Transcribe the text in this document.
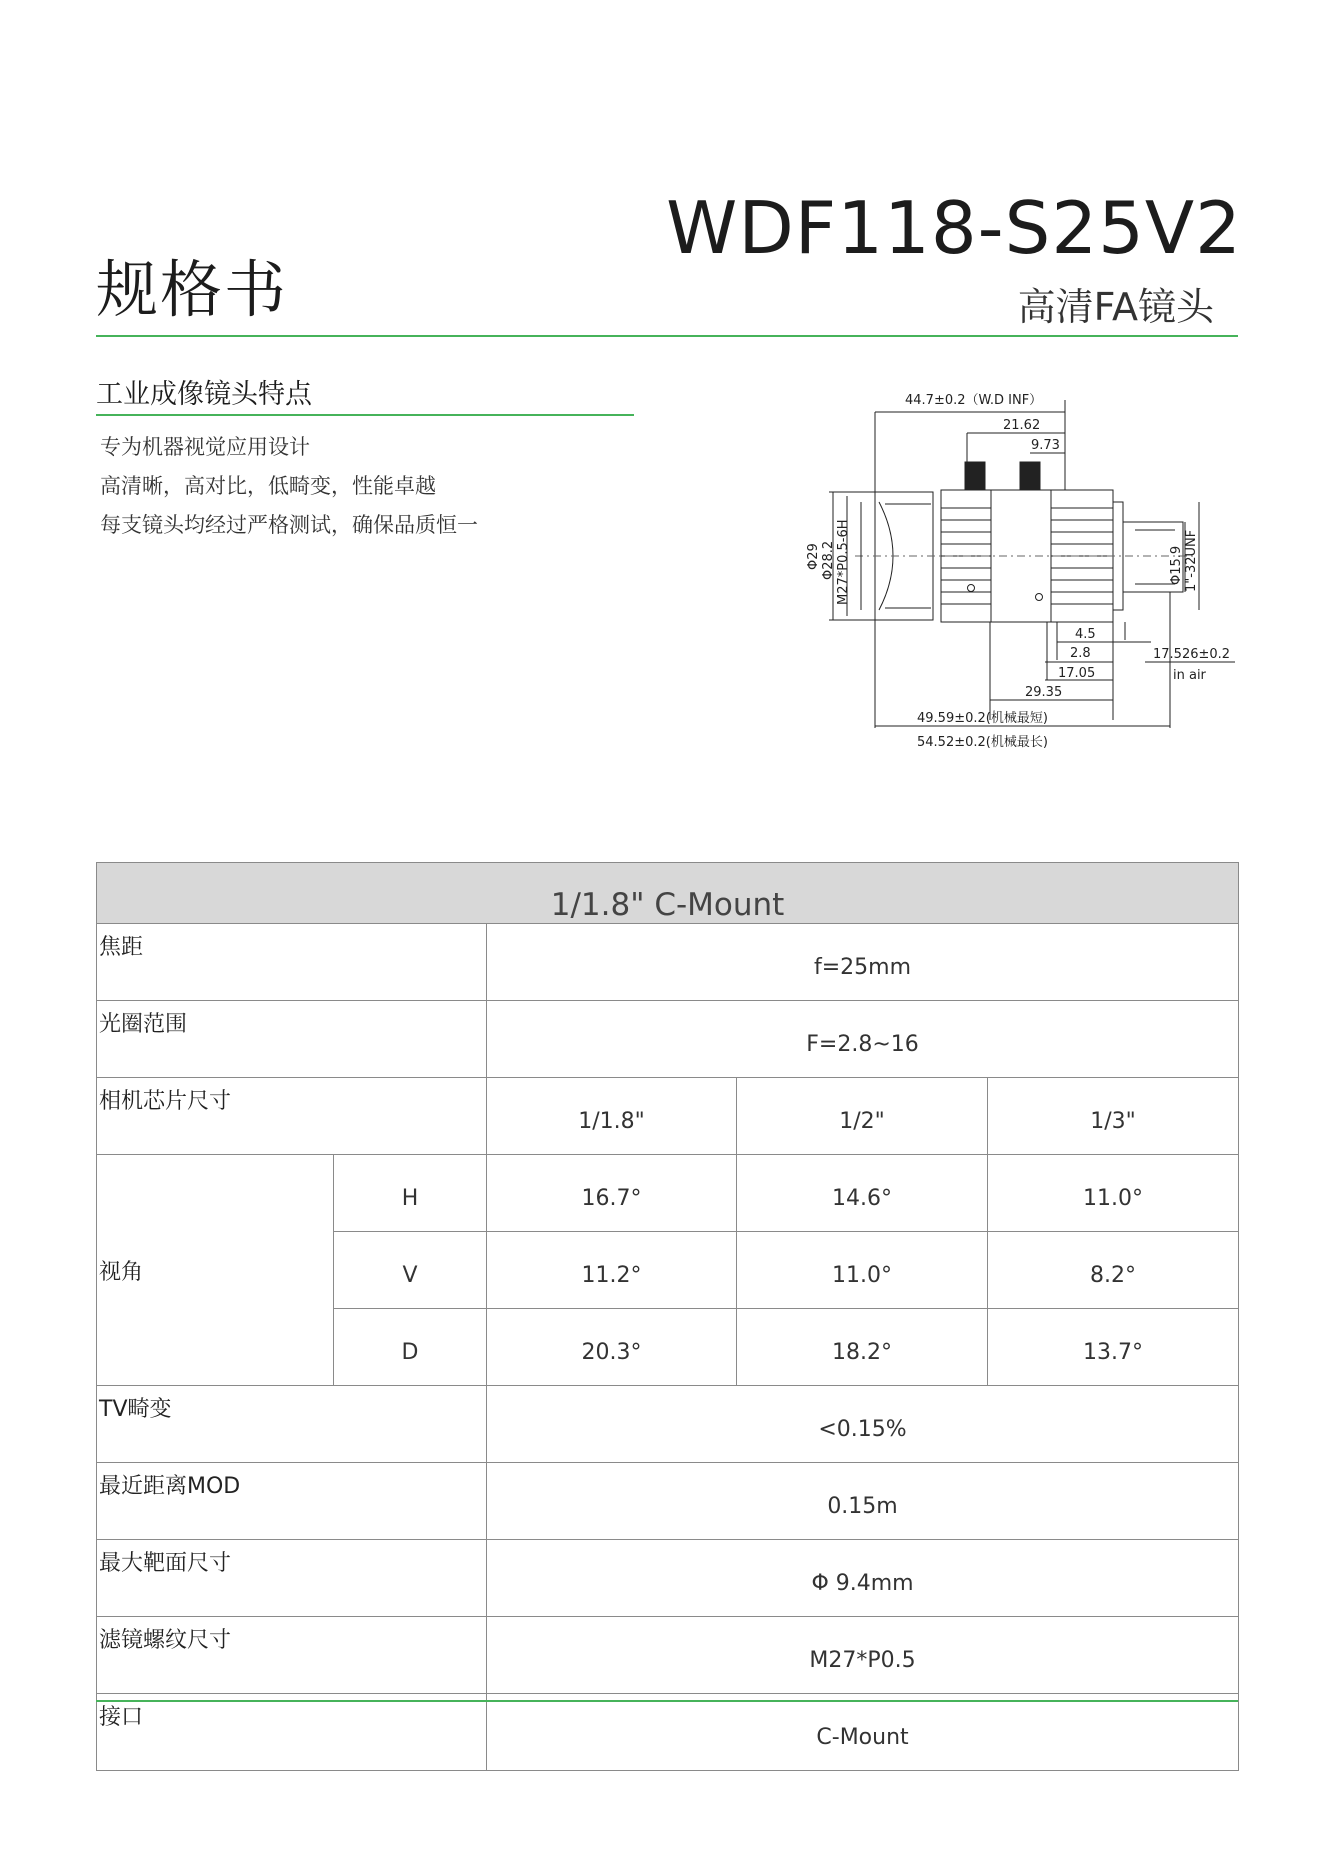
规格书
WDF118-S25V2
高清FA镜头
工业成像镜头特点
专为机器视觉应用设计
高清晰，高对比，低畸变，性能卓越
每支镜头均经过严格测试，确保品质恒一
44.7±0.2（W.D INF）
21.62
9.73
Φ29 Φ28.2 M27*P0.5-6H	Φ15.9 1"-32UNF
4.5
2.8
17.05
29.35
17.526±0.2
in air
49.59±0.2(机械最短)
54.52±0.2(机械最长)
1/1.8" C-Mount				
焦距		f=25mm		
光圈范围		F=2.8~16		
相机芯片尺寸		1/1.8"	1/2"	1/3"
视角	H	16.7°	14.6°	11.0°
	V	11.2°	11.0°	8.2°
	D	20.3°	18.2°	13.7°
TV畸变		<0.15%		
最近距离MOD		0.15m		
最大靶面尺寸		Φ 9.4mm		
滤镜螺纹尺寸		M27*P0.5		
接口		C-Mount		
